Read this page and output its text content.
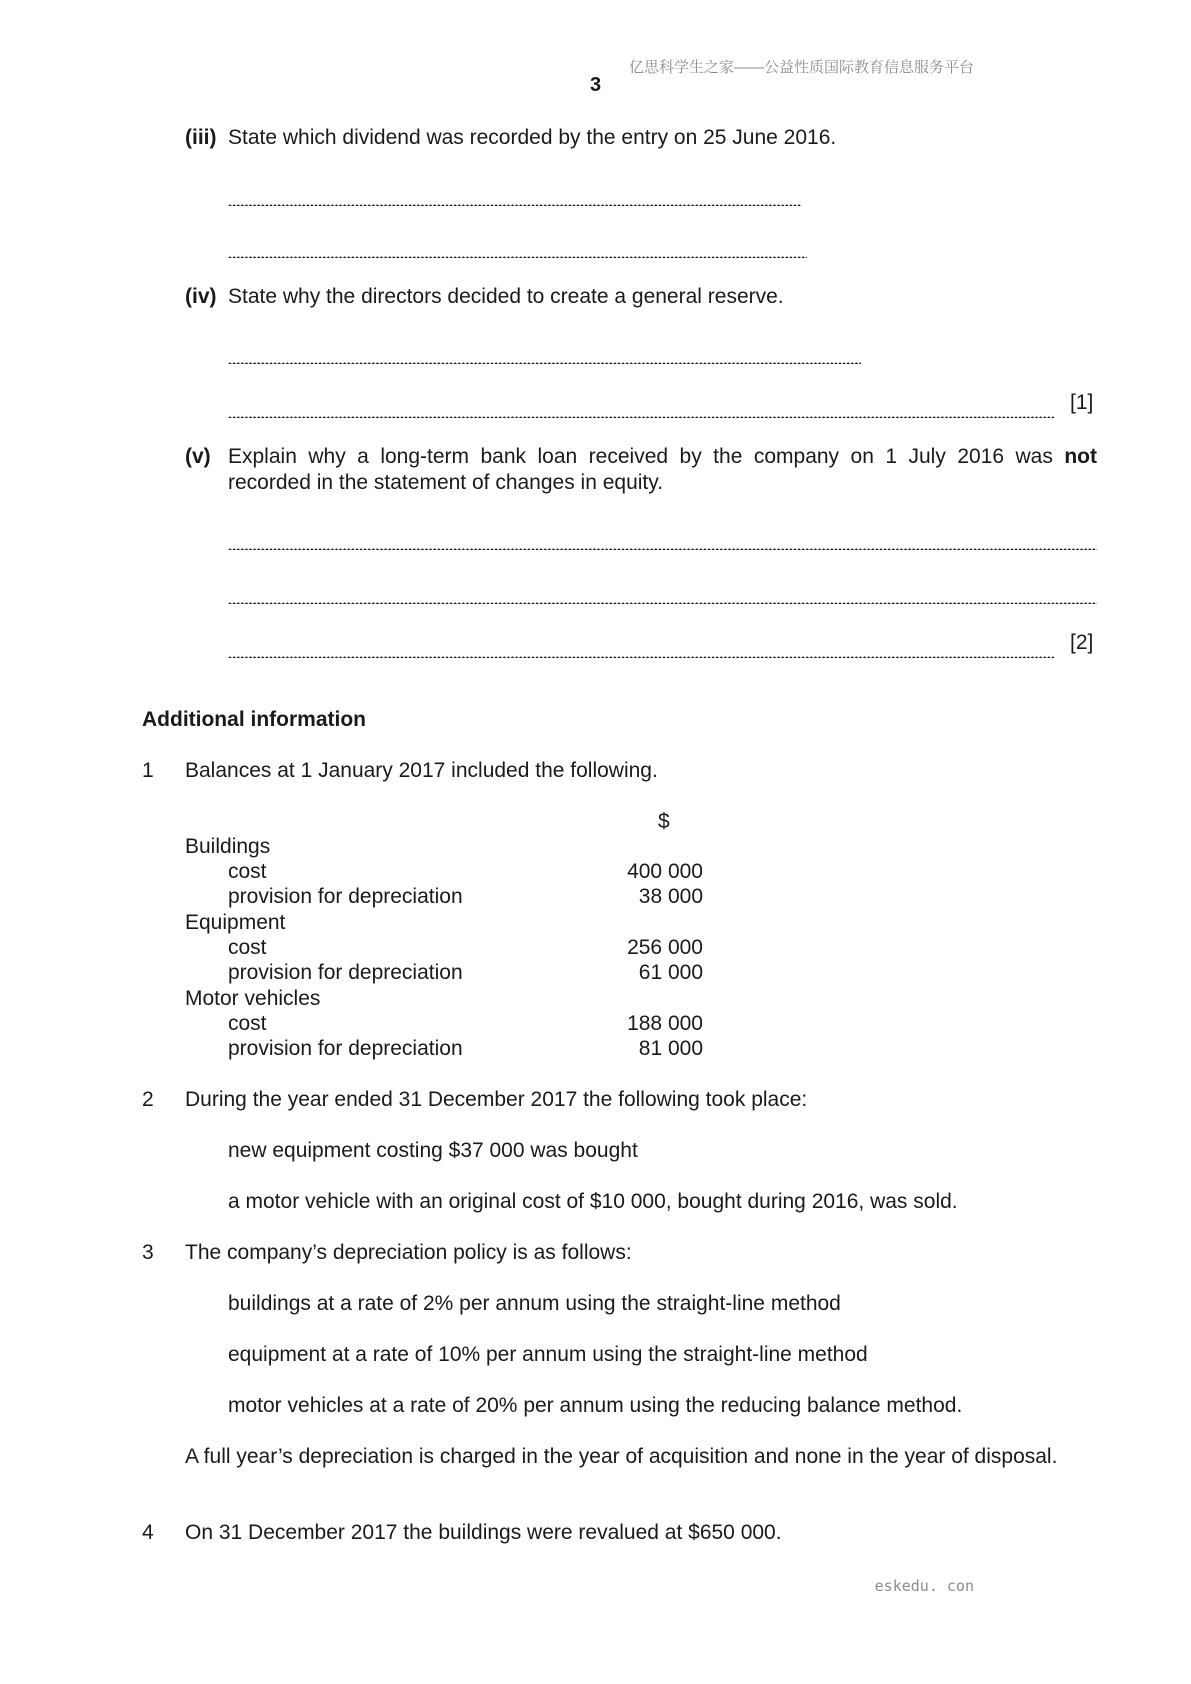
亿思科学生之家——公益性质国际教育信息服务平台
3
(iii) State which dividend was recorded by the entry on 25 June 2016.
(iv) State why the directors decided to create a general reserve.
[1]
(v) Explain why a long-term bank loan received by the company on 1 July 2016 was not recorded in the statement of changes in equity.
[2]
Additional information
1 Balances at 1 January 2017 included the following.
$
Buildings
cost	400 000
provision for depreciation	38 000
Equipment
cost	256 000
provision for depreciation	61 000
Motor vehicles
cost	188 000
provision for depreciation	81 000
2 During the year ended 31 December 2017 the following took place:
new equipment costing $37 000 was bought
a motor vehicle with an original cost of $10 000, bought during 2016, was sold.
3 The company’s depreciation policy is as follows:
buildings at a rate of 2% per annum using the straight-line method
equipment at a rate of 10% per annum using the straight-line method
motor vehicles at a rate of 20% per annum using the reducing balance method.
A full year’s depreciation is charged in the year of acquisition and none in the year of disposal.
4 On 31 December 2017 the buildings were revalued at $650 000.
eskedu. con
